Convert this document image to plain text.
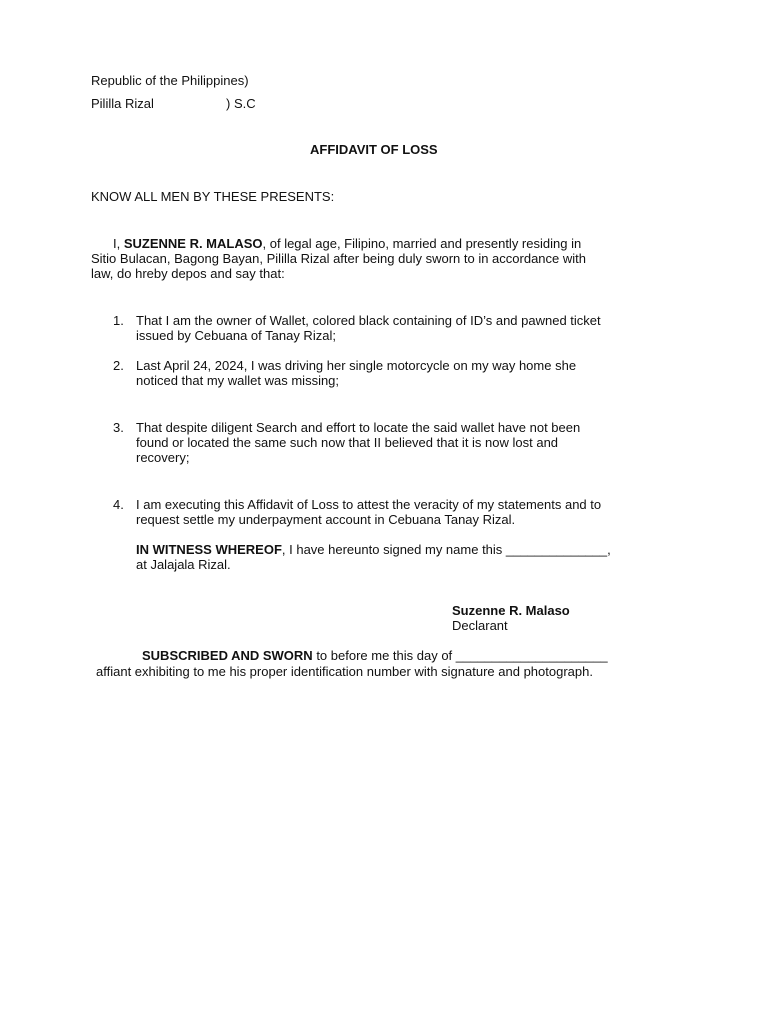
Republic of the Philippines)
Pililla Rizal	) S.C
AFFIDAVIT OF LOSS
KNOW ALL MEN BY THESE PRESENTS:
I, SUZENNE R. MALASO, of legal age, Filipino, married and presently residing in
Sitio Bulacan, Bagong Bayan, Pililla Rizal after being duly sworn to in accordance with
law, do hreby depos and say that:
1. That I am the owner of Wallet, colored black containing of ID’s and pawned ticket
issued by Cebuana of Tanay Rizal;
2. Last April 24, 2024, I was driving her single motorcycle on my way home she
noticed that my wallet was missing;
3. That despite diligent Search and effort to locate the said wallet have not been
found or located the same such now that II believed that it is now lost and
recovery;
4. I am executing this Affidavit of Loss to attest the veracity of my statements and to
request settle my underpayment account in Cebuana Tanay Rizal.
IN WITNESS WHEREOF, I have hereunto signed my name this ______________,
at Jalajala Rizal.
Suzenne R. Malaso
Declarant
SUBSCRIBED AND SWORN to before me this day of _____________________
affiant exhibiting to me his proper identification number with signature and photograph.
